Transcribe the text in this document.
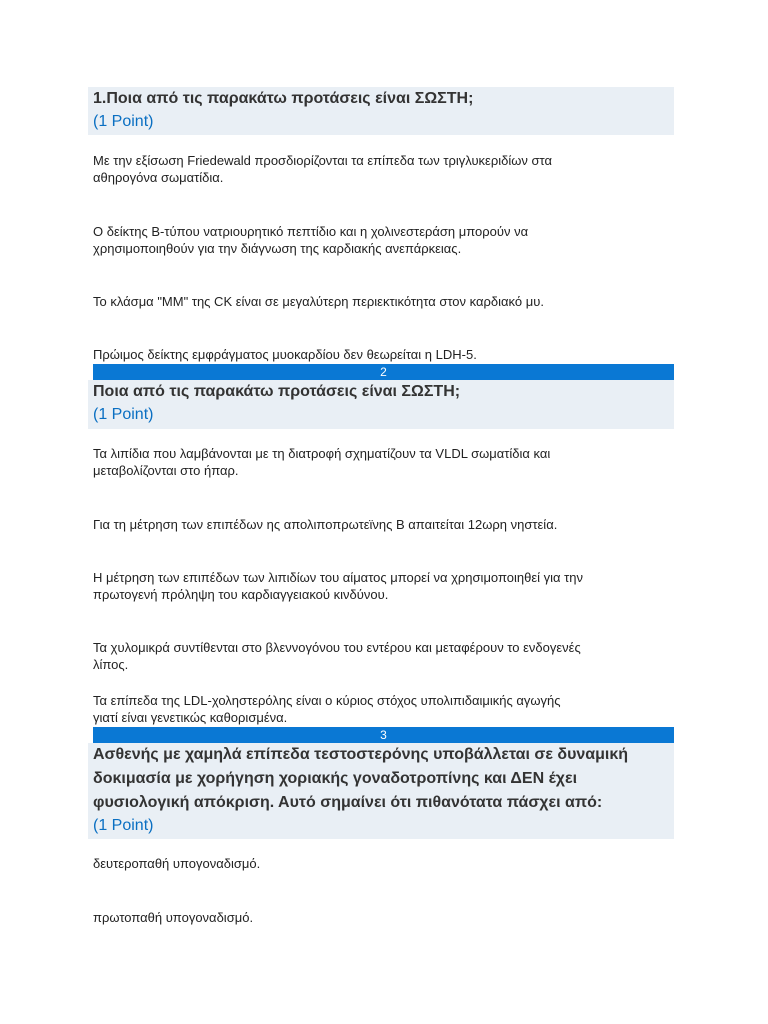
1.Ποια από τις παρακάτω προτάσεις είναι ΣΩΣΤΗ;
(1 Point)
Με την εξίσωση Friedewald προσδιορίζονται τα επίπεδα των τριγλυκεριδίων στα αθηρογόνα σωματίδια.
Ο δείκτης Β-τύπου νατριουρητικό πεπτίδιο και η χολινεστεράση μπορούν να χρησιμοποιηθούν για την διάγνωση της καρδιακής ανεπάρκειας.
Το κλάσμα "ΜΜ" της CK είναι σε μεγαλύτερη περιεκτικότητα στον καρδιακό μυ.
Πρώιμος δείκτης εμφράγματος μυοκαρδίου δεν θεωρείται η LDH-5.
2
Ποια από τις παρακάτω προτάσεις είναι ΣΩΣΤΗ;
(1 Point)
Τα λιπίδια που λαμβάνονται με τη διατροφή σχηματίζουν τα VLDL σωματίδια και μεταβολίζονται στο ήπαρ.
Για τη μέτρηση των επιπέδων ης απολιποπρωτεϊνης Β απαιτείται 12ωρη νηστεία.
Η μέτρηση των επιπέδων των λιπιδίων του αίματος μπορεί να χρησιμοποιηθεί για την πρωτογενή πρόληψη του καρδιαγγειακού κινδύνου.
Τα χυλομικρά συντίθενται στο βλεννογόνου του εντέρου και μεταφέρουν το ενδογενές λίπος.
Τα επίπεδα της LDL-χοληστερόλης είναι ο κύριος στόχος υπολιπιδαιμικής αγωγής γιατί είναι γενετικώς καθορισμένα.
3
Ασθενής με χαμηλά επίπεδα τεστοστερόνης υποβάλλεται σε δυναμική δοκιμασία με χορήγηση χοριακής γοναδοτροπίνης και ΔΕΝ έχει φυσιολογική απόκριση. Αυτό σημαίνει ότι πιθανότατα πάσχει από:
(1 Point)
δευτεροπαθή υπογοναδισμό.
πρωτοπαθή υπογοναδισμό.
